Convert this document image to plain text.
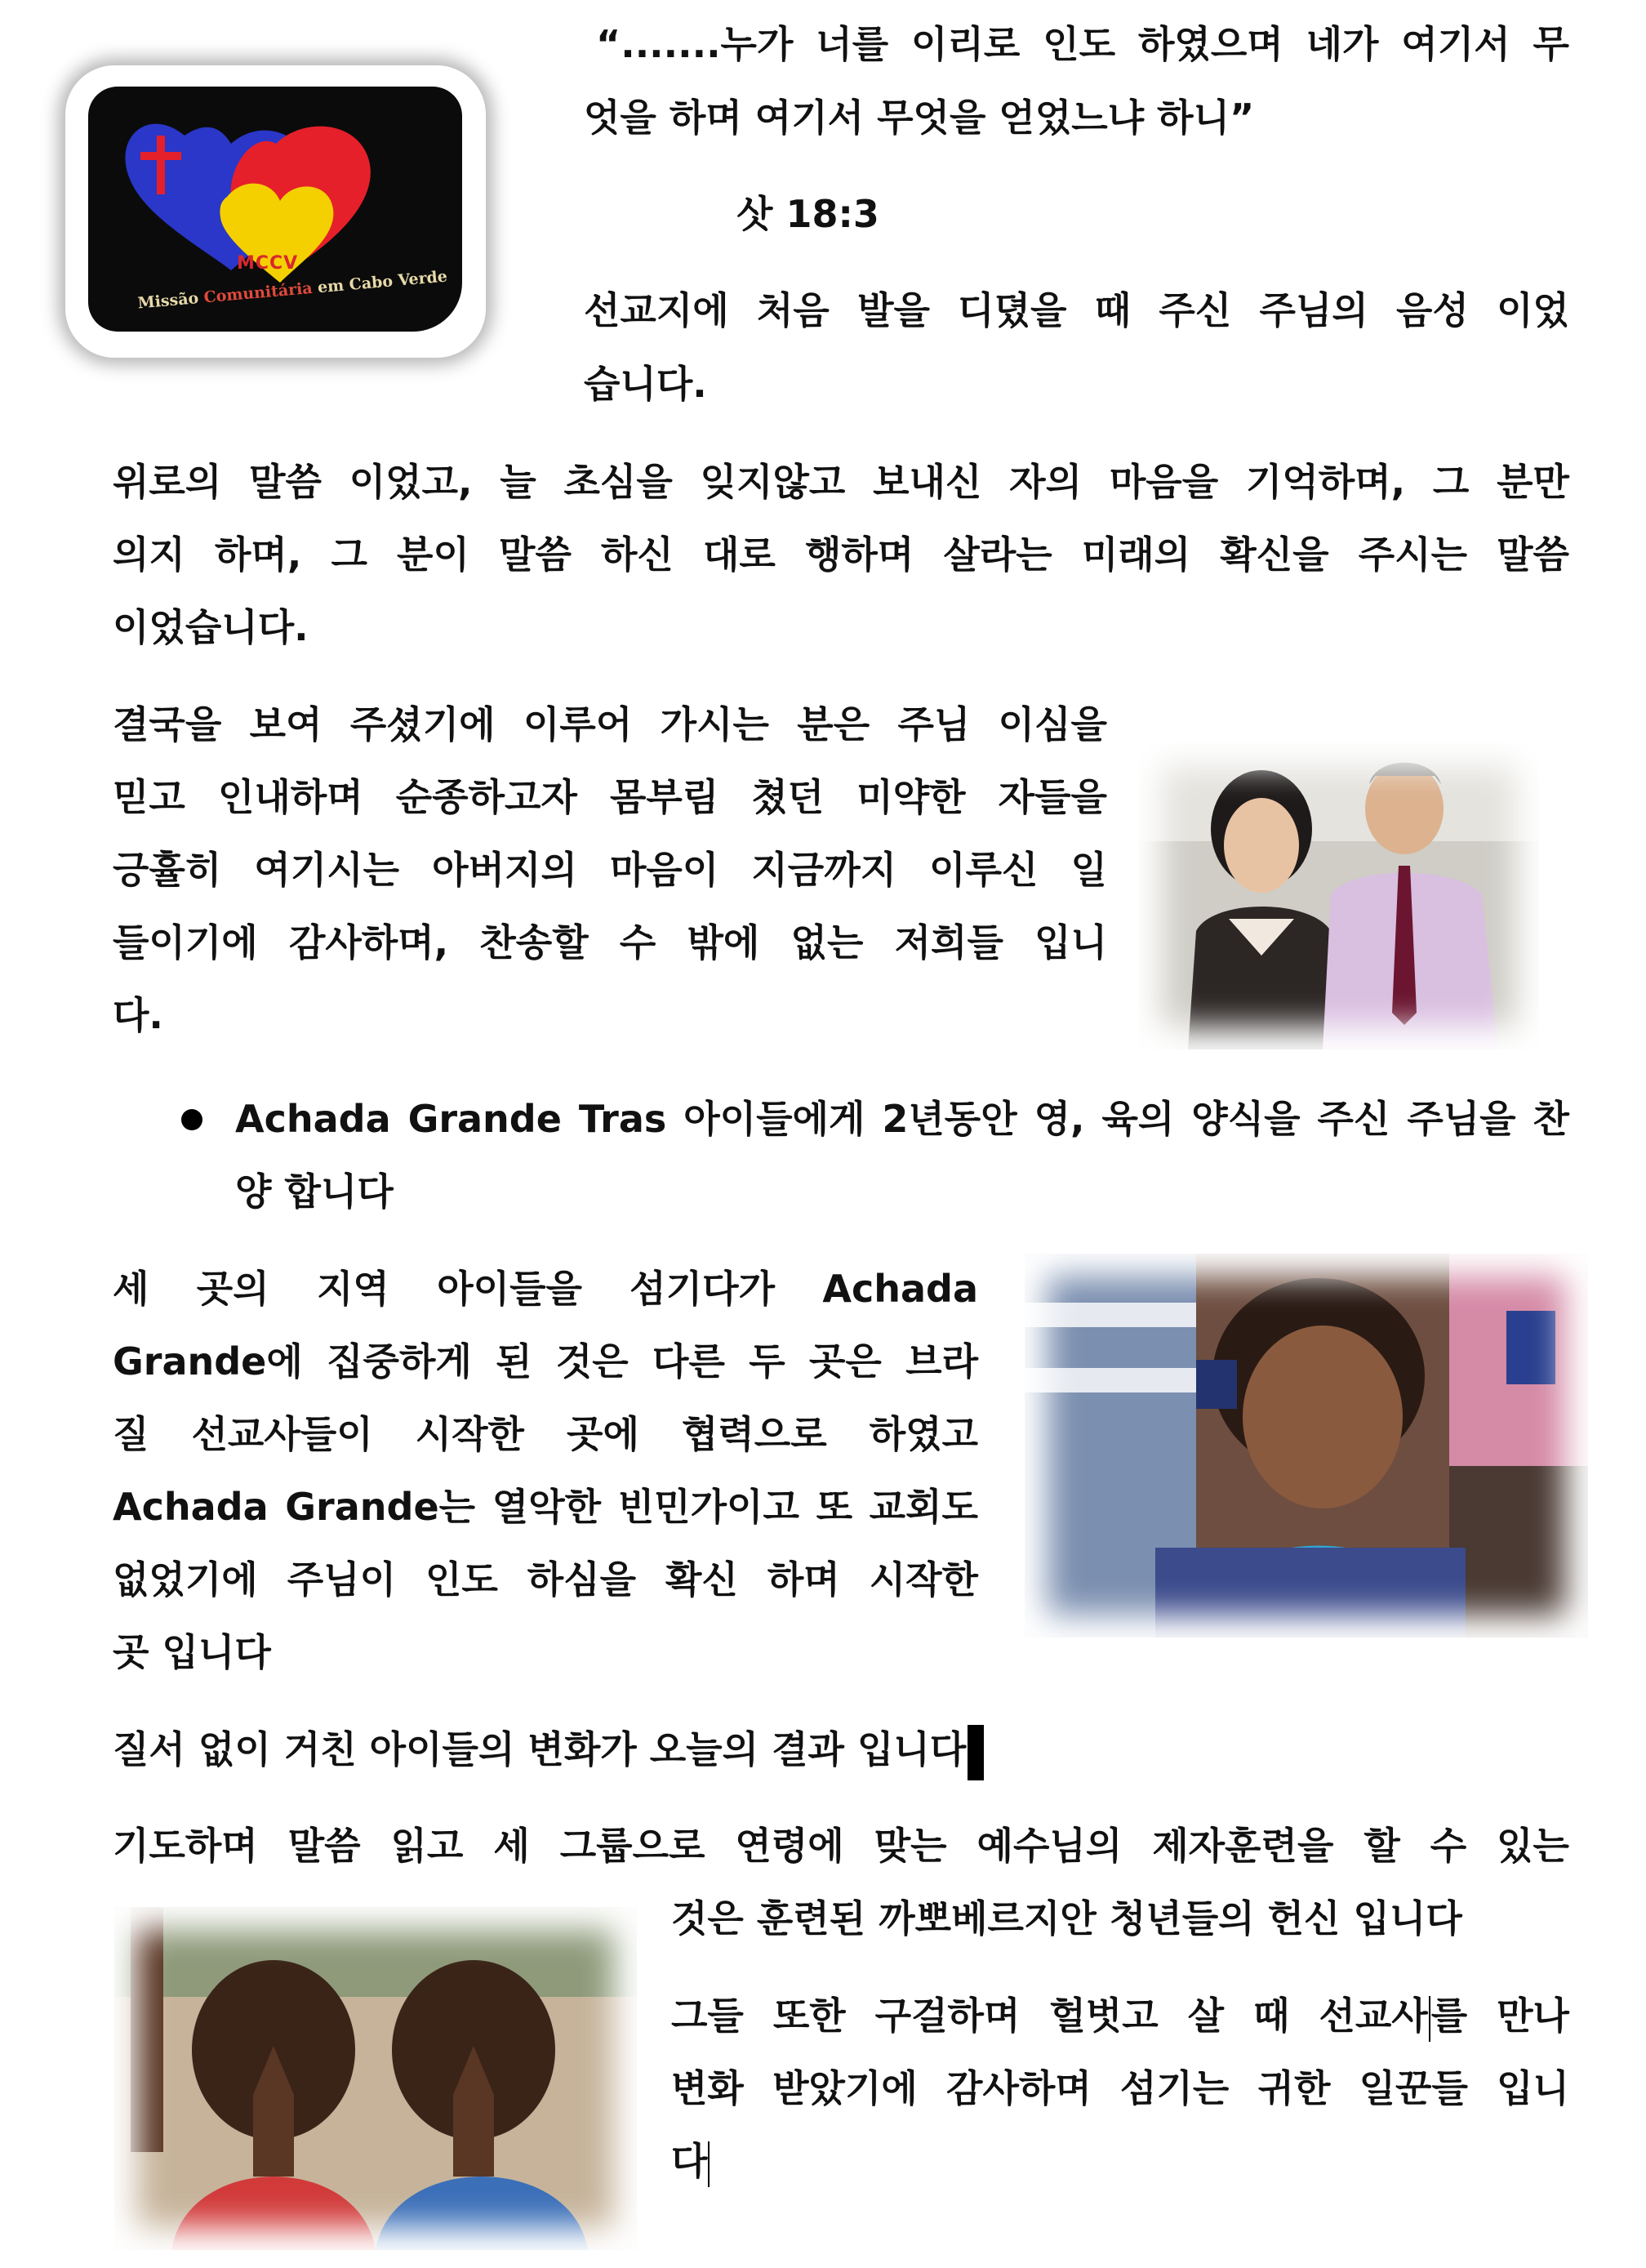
MCCV
Missão Comunitária em Cabo Verde

“.......누가 너를 이리로 인도 하였으며 네가 여기서 무

엇을 하며 여기서 무엇을 얻었느냐 하니”

삿 18:3

선교지에 처음 발을 디뎠을 때 주신 주님의 음성 이었

습니다.

위로의 말씀 이었고, 늘 초심을 잊지않고 보내신 자의 마음을 기억하며, 그 분만

의지 하며, 그 분이 말씀 하신 대로 행하며 살라는 미래의 확신을 주시는 말씀

이었습니다.

결국을 보여 주셨기에 이루어 가시는 분은 주님 이심을

믿고 인내하며 순종하고자 몸부림 쳤던 미약한 자들을

긍휼히 여기시는 아버지의 마음이 지금까지 이루신 일

들이기에 감사하며, 찬송할 수 밖에 없는 저희들 입니

다.

Achada Grande Tras 아이들에게 2년동안 영, 육의 양식을 주신 주님을 찬

양 합니다

세 곳의 지역 아이들을 섬기다가 Achada

Grande에 집중하게 된 것은 다른 두 곳은 브라

질 선교사들이 시작한 곳에 협력으로 하였고

Achada Grande는 열악한 빈민가이고 또 교회도

없었기에 주님이 인도 하심을 확신 하며 시작한

곳 입니다

질서 없이 거친 아이들의 변화가 오늘의 결과 입니다

기도하며 말씀 읽고 세 그룹으로 연령에 맞는 예수님의 제자훈련을 할 수 있는

것은 훈련된 까뽀베르지안 청년들의 헌신 입니다

그들 또한 구걸하며 헐벗고 살 때 선교사를 만나

변화 받았기에 감사하며 섬기는 귀한 일꾼들 입니

다
